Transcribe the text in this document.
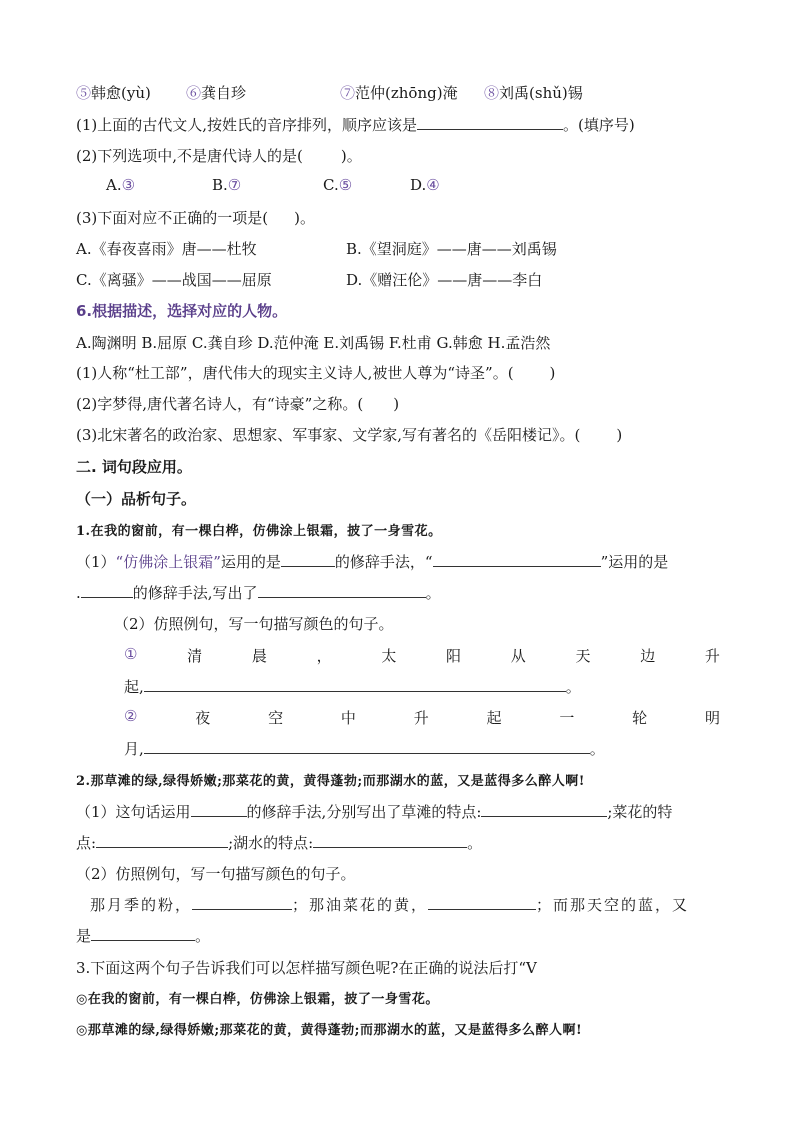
⑤韩愈(yù) ⑥龚自珍	⑦范仲(zhōng)淹 ⑧刘禹(shǔ)锡
(1)上面的古代文人,按姓氏的音序排列，顺序应该是	。(填序号)
(2)下列选项中,不是唐代诗人的是(	)。
A.③	B.⑦	C.⑤	D.④
(3)下面对应不正确的一项是( )。
A.《春夜喜雨》唐——杜牧	B.《望洞庭》——唐——刘禹锡
C.《离骚》——战国——屈原	D.《赠汪伦》——唐——李白
6.根据描述，选择对应的人物。
A.陶渊明 B.屈原 C.龚自珍 D.范仲淹 E.刘禹锡 F.杜甫 G.韩愈 H.孟浩然
(1)人称“杜工部”，唐代伟大的现实主义诗人,被世人尊为“诗圣”。( )
(2)字梦得,唐代著名诗人，有“诗豪”之称。( )
(3)北宋著名的政治家、思想家、军事家、文学家,写有著名的《岳阳楼记》。( )
二. 词句段应用。
（一）品析句子。
1.在我的窗前，有一棵白桦，仿佛涂上银霜，披了一身雪花。
（1）“仿佛涂上银霜”运用的是	的修辞手法，“	”运用的是
.	的修辞手法,写出了	。
（2）仿照例句，写一句描写颜色的句子。
①	清	晨	，	太	阳	从	天	边	升
起,	。
②	夜	空	中	升	起	一	轮	明
月,	。
2.那草滩的绿,绿得娇嫩;那菜花的黄，黄得蓬勃;而那湖水的蓝，又是蓝得多么醉人啊!
（1）这句话运用	的修辞手法,分别写出了草滩的特点:	;菜花的特
点:	;湖水的特点:	。
（2）仿照例句，写一句描写颜色的句子。
那月季的粉，	；那油菜花的黄，	；而那天空的蓝，又
是	。
3.下面这两个句子告诉我们可以怎样描写颜色呢?在正确的说法后打“V
◎在我的窗前，有一棵白桦，仿佛涂上银霜，披了一身雪花。
◎那草滩的绿,绿得娇嫩;那菜花的黄，黄得蓬勃;而那湖水的蓝，又是蓝得多么醉人啊!
